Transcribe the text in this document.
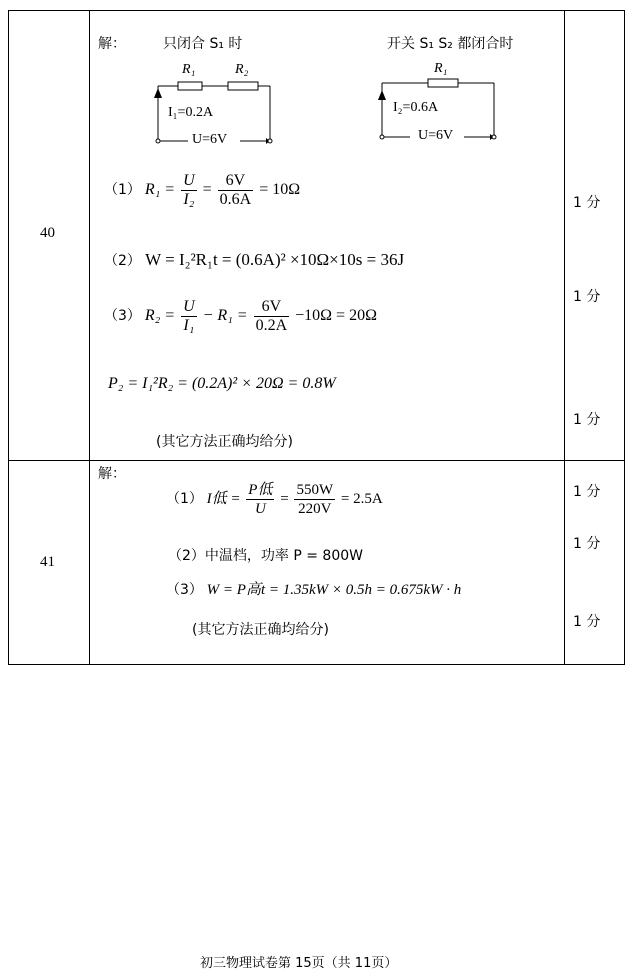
40
解：	只闭合 S₁ 时	开关 S₁ S₂ 都闭合时
R₁	R₂
I₁=0.2A
U=6V
R₁
I₂=0.6A
U=6V
（1） $R_1 = \frac{U}{\text{I₂}} = \frac{6V}{0.6A} = 10\Omega$
（2） W = I₂²R₁t = (0.6A)² ×10Ω×10s = 36J
（3） $R_2 = \frac{U}{\text{I₁}} - R_1 = \frac{6V}{0.2A} -10\Omega = 20\Omega$
P₂ = I₁²R₂ = (0.2A)² × 20Ω = 0.8W
(其它方法正确均给分)
1 分
1 分
1 分
41
解：
（1） I低 = $\frac{\text{P低}}{U} = \frac{550W}{220V} = 2.5A$
（2）中温档，功率 P = 800W
（3） W = P高t = 1.35kW × 0.5h = 0.675kW · h
(其它方法正确均给分)
1 分
1 分
1 分
初三物理试卷第 15页（共 11页）
